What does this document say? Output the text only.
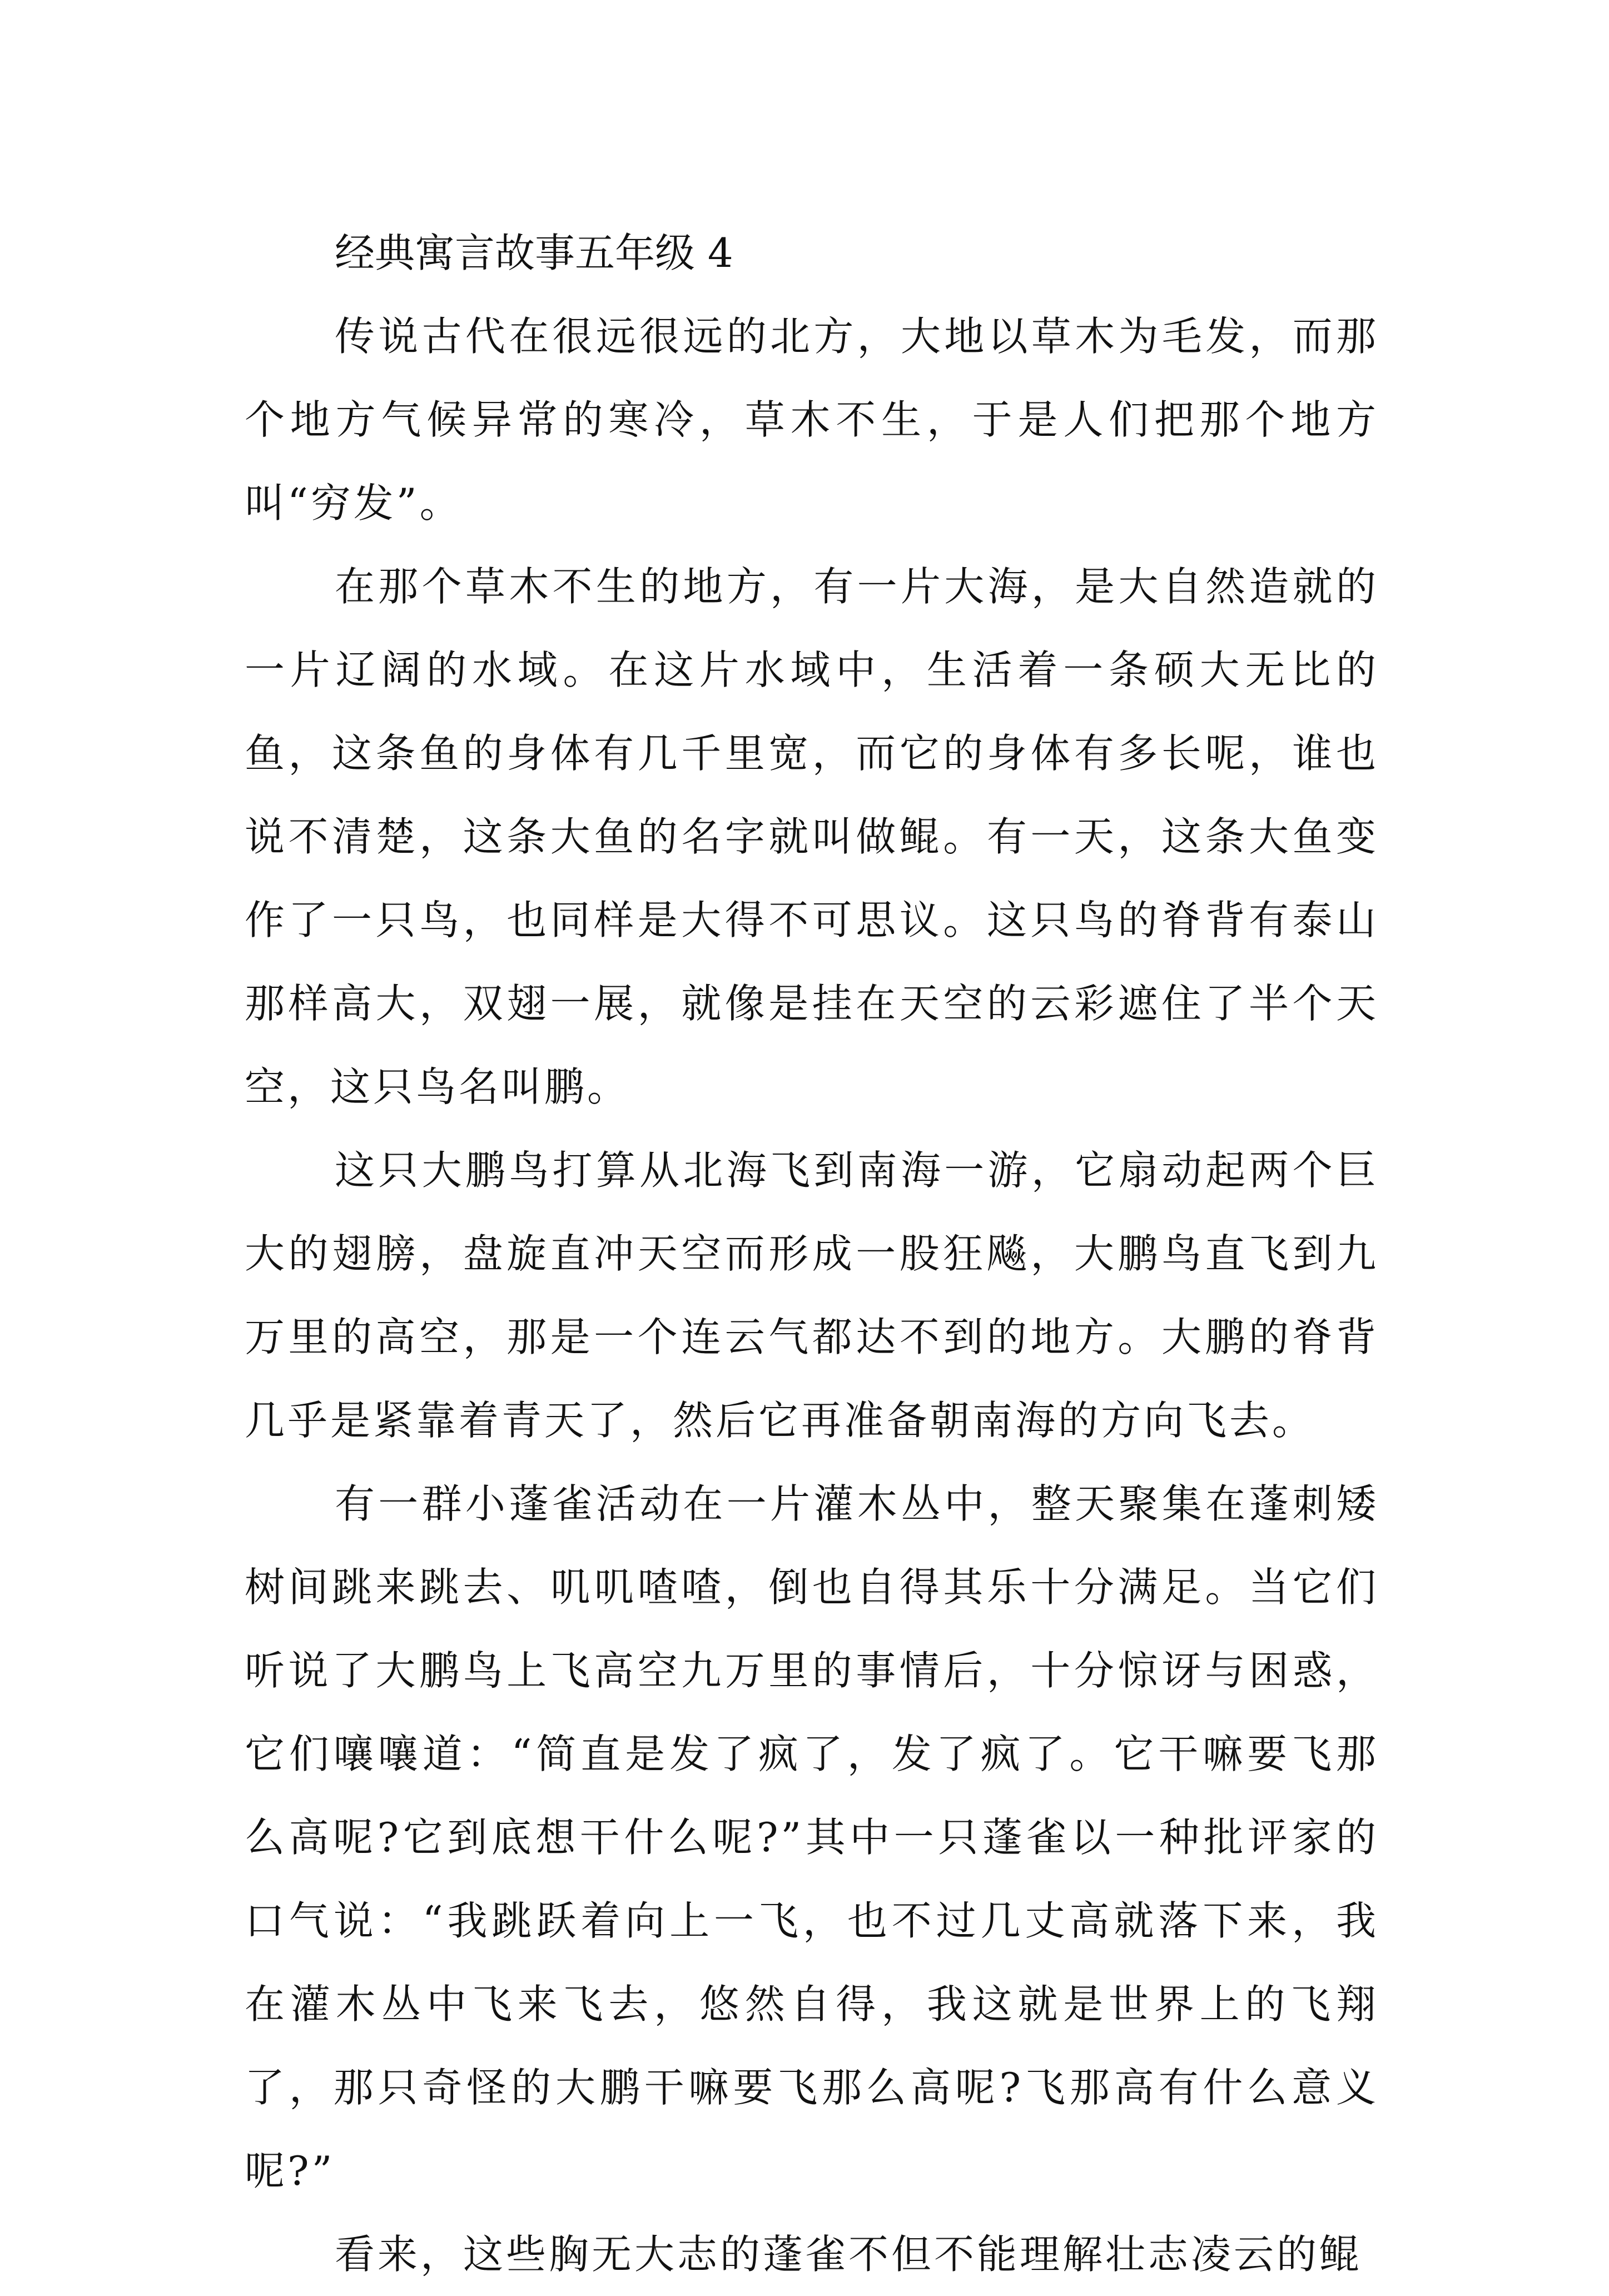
经典寓言故事五年级 4

传说古代在很远很远的北方，大地以草木为毛发，而那个地方气候异常的寒冷，草木不生，于是人们把那个地方叫“穷发”。

在那个草木不生的地方，有一片大海，是大自然造就的一片辽阔的水域。在这片水域中，生活着一条硕大无比的鱼，这条鱼的身体有几千里宽，而它的身体有多长呢，谁也说不清楚，这条大鱼的名字就叫做鲲。有一天，这条大鱼变作了一只鸟，也同样是大得不可思议。这只鸟的脊背有泰山那样高大，双翅一展，就像是挂在天空的云彩遮住了半个天空，这只鸟名叫鹏。

这只大鹏鸟打算从北海飞到南海一游，它扇动起两个巨大的翅膀，盘旋直冲天空而形成一股狂飚，大鹏鸟直飞到九万里的高空，那是一个连云气都达不到的地方。大鹏的脊背几乎是紧靠着青天了，然后它再准备朝南海的方向飞去。

有一群小蓬雀活动在一片灌木丛中，整天聚集在蓬刺矮树间跳来跳去、叽叽喳喳，倒也自得其乐十分满足。当它们听说了大鹏鸟上飞高空九万里的事情后，十分惊讶与困惑，它们嚷嚷道：“简直是发了疯了，发了疯了。它干嘛要飞那么高呢?它到底想干什么呢?”其中一只蓬雀以一种批评家的口气说：“我跳跃着向上一飞，也不过几丈高就落下来，我在灌木丛中飞来飞去，悠然自得，我这就是世界上的飞翔了，那只奇怪的大鹏干嘛要飞那么高呢?飞那高有什么意义呢?”

看来，这些胸无大志的蓬雀不但不能理解壮志凌云的鲲
